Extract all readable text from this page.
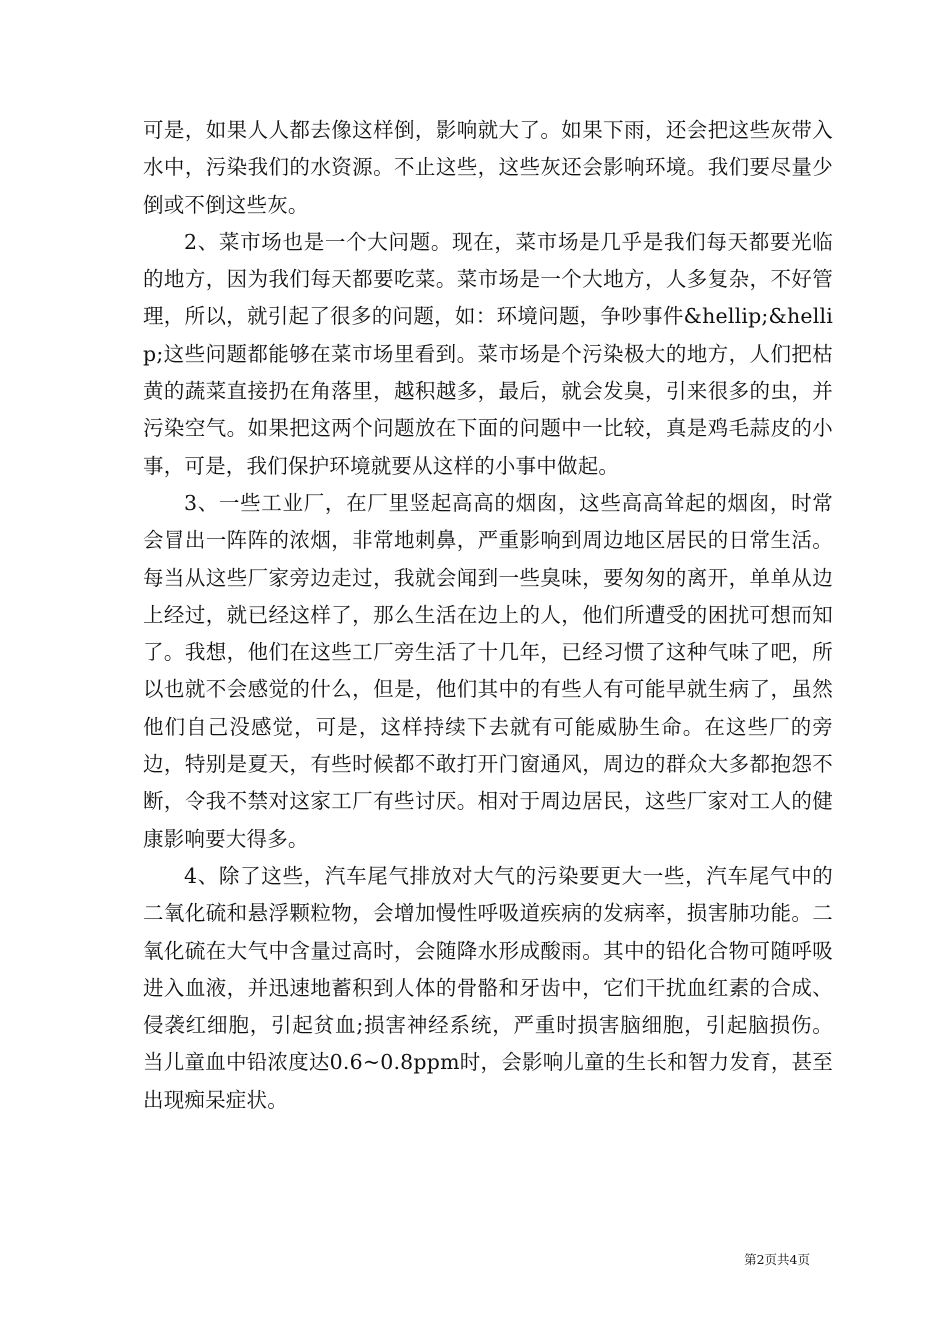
可是，如果人人都去像这样倒，影响就大了。如果下雨，还会把这些灰带入水中，污染我们的水资源。不止这些，这些灰还会影响环境。我们要尽量少倒或不倒这些灰。

2、菜市场也是一个大问题。现在，菜市场是几乎是我们每天都要光临的地方，因为我们每天都要吃菜。菜市场是一个大地方，人多复杂，不好管理，所以，就引起了很多的问题，如：环境问题，争吵事件&hellip;&hellip;这些问题都能够在菜市场里看到。菜市场是个污染极大的地方，人们把枯黄的蔬菜直接扔在角落里，越积越多，最后，就会发臭，引来很多的虫，并污染空气。如果把这两个问题放在下面的问题中一比较，真是鸡毛蒜皮的小事，可是，我们保护环境就要从这样的小事中做起。

3、一些工业厂，在厂里竖起高高的烟囱，这些高高耸起的烟囱，时常会冒出一阵阵的浓烟，非常地刺鼻，严重影响到周边地区居民的日常生活。每当从这些厂家旁边走过，我就会闻到一些臭味，要匆匆的离开，单单从边上经过，就已经这样了，那么生活在边上的人，他们所遭受的困扰可想而知了。我想，他们在这些工厂旁生活了十几年，已经习惯了这种气味了吧，所以也就不会感觉的什么，但是，他们其中的有些人有可能早就生病了，虽然他们自己没感觉，可是，这样持续下去就有可能威胁生命。在这些厂的旁边，特别是夏天，有些时候都不敢打开门窗通风，周边的群众大多都抱怨不断，令我不禁对这家工厂有些讨厌。相对于周边居民，这些厂家对工人的健康影响要大得多。

4、除了这些，汽车尾气排放对大气的污染要更大一些，汽车尾气中的二氧化硫和悬浮颗粒物，会增加慢性呼吸道疾病的发病率，损害肺功能。二氧化硫在大气中含量过高时，会随降水形成酸雨。其中的铅化合物可随呼吸进入血液，并迅速地蓄积到人体的骨骼和牙齿中，它们干扰血红素的合成、侵袭红细胞，引起贫血;损害神经系统，严重时损害脑细胞，引起脑损伤。当儿童血中铅浓度达0.6~0.8ppm时，会影响儿童的生长和智力发育，甚至出现痴呆症状。

第2页共4页
